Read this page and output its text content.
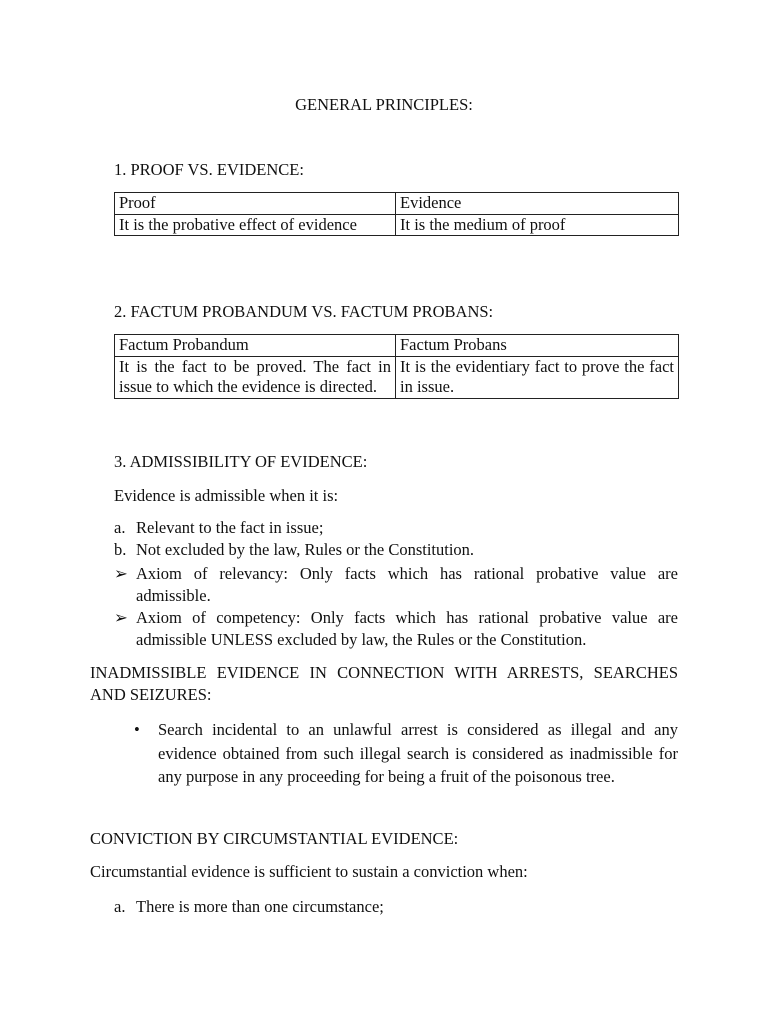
GENERAL PRINCIPLES:
1. PROOF VS. EVIDENCE:
Proof	Evidence
It is the probative effect of evidence	It is the medium of proof
2. FACTUM PROBANDUM VS. FACTUM PROBANS:
Factum Probandum	Factum Probans
It is the fact to be proved. The fact in issue to which the evidence is directed.	It is the evidentiary fact to prove the fact in issue.
3. ADMISSIBILITY OF EVIDENCE:
Evidence is admissible when it is:
a. Relevant to the fact in issue;
b. Not excluded by the law, Rules or the Constitution.
➢ Axiom of relevancy: Only facts which has rational probative value are admissible.
➢ Axiom of competency: Only facts which has rational probative value are admissible UNLESS excluded by law, the Rules or the Constitution.
INADMISSIBLE EVIDENCE IN CONNECTION WITH ARRESTS, SEARCHES AND SEIZURES:
• Search incidental to an unlawful arrest is considered as illegal and any evidence obtained from such illegal search is considered as inadmissible for any purpose in any proceeding for being a fruit of the poisonous tree.
CONVICTION BY CIRCUMSTANTIAL EVIDENCE:
Circumstantial evidence is sufficient to sustain a conviction when:
a. There is more than one circumstance;
